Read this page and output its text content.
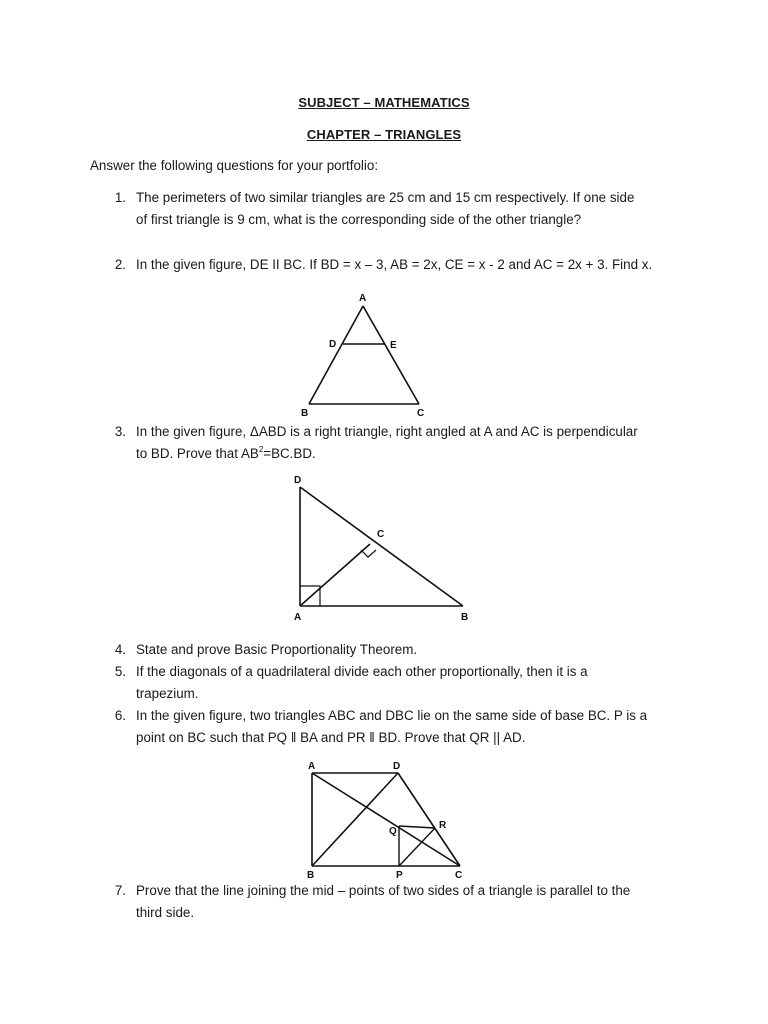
SUBJECT – MATHEMATICS
CHAPTER – TRIANGLES
Answer the following questions for your portfolio:
1. The perimeters of two similar triangles are 25 cm and 15 cm respectively. If one side
of first triangle is 9 cm, what is the corresponding side of the other triangle?
2. In the given figure, DE II BC. If BD = x – 3, AB = 2x, CE = x - 2 and AC = 2x + 3. Find x.
A
D	E
B	C
3. In the given figure, ΔABD is a right triangle, right angled at A and AC is perpendicular
to BD. Prove that $AB^2=BC.BD$.
D
C
A	B
4. State and prove Basic Proportionality Theorem.
5. If the diagonals of a quadrilateral divide each other proportionally, then it is a
trapezium.
6. In the given figure, two triangles ABC and DBC lie on the same side of base BC. P is a
point on BC such that PQ ǁ BA and PR ǁ BD. Prove that QR || AD.
A	D
Q
R
B	P	C
7. Prove that the line joining the mid – points of two sides of a triangle is parallel to the
third side.
